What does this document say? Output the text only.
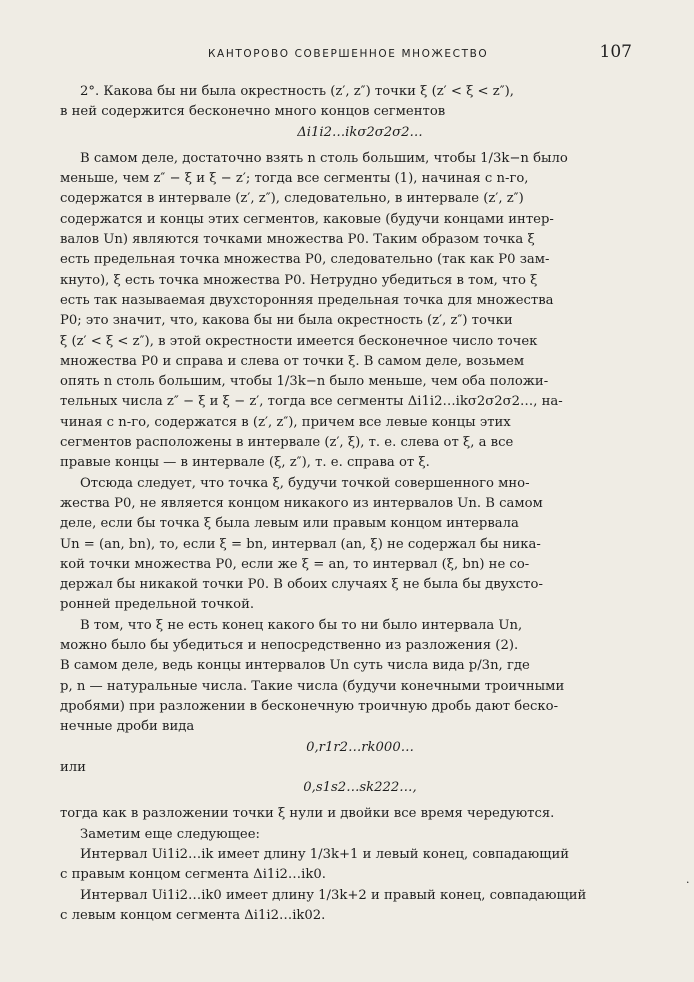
КАНТОРОВО СОВЕРШЕННОЕ МНОЖЕСТВО	107

2°. Какова бы ни была окрестность (z′, z″) точки ξ (z′ < ξ < z″),

в ней содержится бесконечно много концов сегментов

Δi1i2…ikσ2σ2σ2…

В самом деле, достаточно взять n столь большим, чтобы 1/3k−n было

меньше, чем z″ − ξ и ξ − z′; тогда все сегменты (1), начиная с n-го,

содержатся в интервале (z′, z″), следовательно, в интервале (z′, z″)

содержатся и концы этих сегментов, каковые (будучи концами интер-

валов Un) являются точками множества P0. Таким образом точка ξ

есть предельная точка множества P0, следовательно (так как P0 зам-

кнуто), ξ есть точка множества P0. Нетрудно убедиться в том, что ξ

есть так называемая двухсторонняя предельная точка для множества

P0; это значит, что, какова бы ни была окрестность (z′, z″) точки

ξ (z′ < ξ < z″), в этой окрестности имеется бесконечное число точек

множества P0 и справа и слева от точки ξ. В самом деле, возьмем

опять n столь большим, чтобы 1/3k−n было меньше, чем оба положи-

тельных числа z″ − ξ и ξ − z′, тогда все сегменты Δi1i2…ikσ2σ2σ2…, на-

чиная с n-го, содержатся в (z′, z″), причем все левые концы этих

сегментов расположены в интервале (z′, ξ), т. е. слева от ξ, а все

правые концы — в интервале (ξ, z″), т. е. справа от ξ.

Отсюда следует, что точка ξ, будучи точкой совершенного мно-

жества P0, не является концом никакого из интервалов Un. В самом

деле, если бы точка ξ была левым или правым концом интервала

Un = (an, bn), то, если ξ = bn, интервал (an, ξ) не содержал бы ника-

кой точки множества P0, если же ξ = an, то интервал (ξ, bn) не со-

держал бы никакой точки P0. В обоих случаях ξ не была бы двухсто-

ронней предельной точкой.

В том, что ξ не есть конец какого бы то ни было интервала Un,

можно было бы убедиться и непосредственно из разложения (2).

В самом деле, ведь концы интервалов Un суть числа вида p/3n, где

p, n — натуральные числа. Такие числа (будучи конечными троичными

дробями) при разложении в бесконечную троичную дробь дают беско-

нечные дроби вида

0,r1r2…rk000…

или

0,s1s2…sk222…,

тогда как в разложении точки ξ нули и двойки все время чередуются.

Заметим еще следующее:

Интервал Ui1i2…ik имеет длину 1/3k+1 и левый конец, совпадающий

с правым концом сегмента Δi1i2…ik0.

Интервал Ui1i2…ik0 имеет длину 1/3k+2 и правый конец, совпадающий

с левым концом сегмента Δi1i2…ik02.

·
